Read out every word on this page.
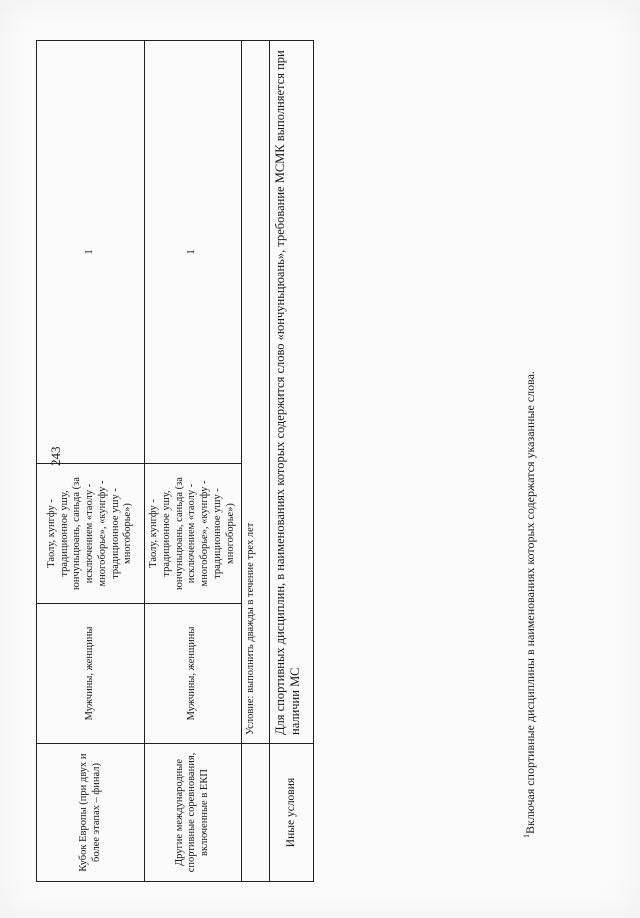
243
Кубок Европы (при двух и более этапах – финал)	Мужчины, женщины	Таолу, кунгфу - традиционное ушу, юнчуньцюань, саньда (за исключением «таолу - многоборье», «кунгфу - традиционное ушу - многоборье»)	1
Другие международные спортивные соревнования, включенные в ЕКП	Мужчины, женщины	Таолу, кунгфу - традиционное ушу, юнчуньцюань, саньда (за исключением «таолу - многоборье», «кунгфу - традиционное ушу - многоборье»)	1
	Условие: выполнить дважды в течение трех лет		
Иные условия	Для спортивных дисциплин, в наименованиях которых содержится слово «юнчуньцюань», требование МСМК выполняется при наличии МС		
$^1$Включая спортивные дисциплины в наименованиях которых содержатся указанные слова.
